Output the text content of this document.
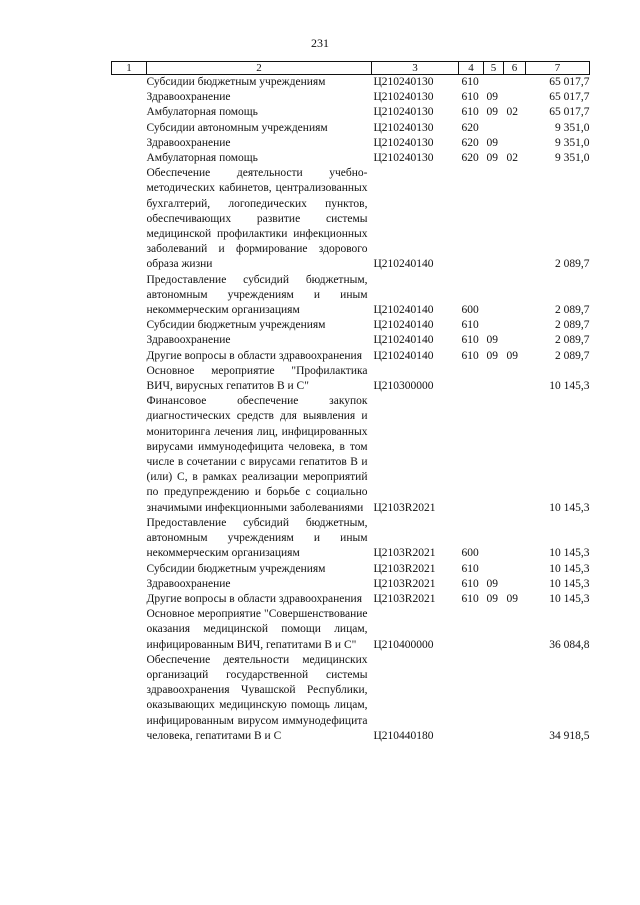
231
1	2	3	4	5	6	7
	Субсидии бюджетным учреждениям	Ц210240130	610			65 017,7
	Здравоохранение	Ц210240130	610	09		65 017,7
	Амбулаторная помощь	Ц210240130	610	09	02	65 017,7
	Субсидии автономным учреждениям	Ц210240130	620			9 351,0
	Здравоохранение	Ц210240130	620	09		9 351,0
	Амбулаторная помощь	Ц210240130	620	09	02	9 351,0
	Обеспечение деятельности учебно-методических кабинетов, централизованных бухгалтерий, логопедических пунктов, обеспечивающих развитие системы медицинской профилактики инфекционных заболеваний и формирование здорового образа жизни	Ц210240140				2 089,7
	Предоставление субсидий бюджетным, автономным учреждениям и иным некоммерческим организациям	Ц210240140	600			2 089,7
	Субсидии бюджетным учреждениям	Ц210240140	610			2 089,7
	Здравоохранение	Ц210240140	610	09		2 089,7
	Другие вопросы в области здравоохранения	Ц210240140	610	09	09	2 089,7
	Основное мероприятие "Профилактика ВИЧ, вирусных гепатитов В и С"	Ц210300000				10 145,3
	Финансовое обеспечение закупок диагностических средств для выявления и мониторинга лечения лиц, инфицированных вирусами иммунодефицита человека, в том числе в сочетании с вирусами гепатитов В и (или) С, в рамках реализации мероприятий по предупреждению и борьбе с социально значимыми инфекционными заболеваниями	Ц2103R2021				10 145,3
	Предоставление субсидий бюджетным, автономным учреждениям и иным некоммерческим организациям	Ц2103R2021	600			10 145,3
	Субсидии бюджетным учреждениям	Ц2103R2021	610			10 145,3
	Здравоохранение	Ц2103R2021	610	09		10 145,3
	Другие вопросы в области здравоохранения	Ц2103R2021	610	09	09	10 145,3
	Основное мероприятие "Совершенствование оказания медицинской помощи лицам, инфицированным ВИЧ, гепатитами В и С"	Ц210400000				36 084,8
	Обеспечение деятельности медицинских организаций государственной системы здравоохранения Чувашской Республики, оказывающих медицинскую помощь лицам, инфицированным вирусом иммунодефицита человека, гепатитами В и С	Ц210440180				34 918,5
